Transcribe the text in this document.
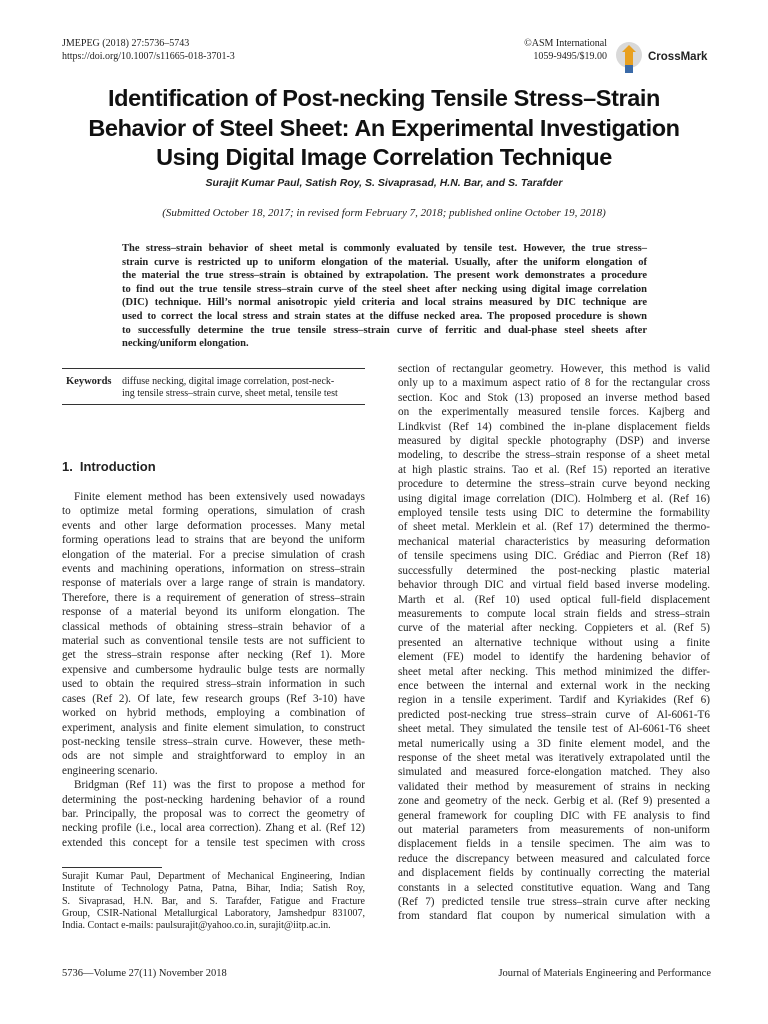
JMEPEG (2018) 27:5736–5743
https://doi.org/10.1007/s11665-018-3701-3
©ASM International
1059-9495/$19.00	CrossMark
Identification of Post-necking Tensile Stress–Strain
Behavior of Steel Sheet: An Experimental Investigation
Using Digital Image Correlation Technique
Surajit Kumar Paul, Satish Roy, S. Sivaprasad, H.N. Bar, and S. Tarafder
(Submitted October 18, 2017; in revised form February 7, 2018; published online October 19, 2018)
The stress–strain behavior of sheet metal is commonly evaluated by tensile test. However, the true stress–
strain curve is restricted up to uniform elongation of the material. Usually, after the uniform elongation of
the material the true stress–strain is obtained by extrapolation. The present work demonstrates a procedure
to find out the true tensile stress–strain curve of the steel sheet after necking using digital image correlation
(DIC) technique. Hill’s normal anisotropic yield criteria and local strains measured by DIC technique are
used to correct the local stress and strain states at the diffuse necked area. The proposed procedure is shown
to successfully determine the true tensile stress–strain curve of ferritic and dual-phase steel sheets after
necking/uniform elongation.
Keywords diffuse necking, digital image correlation, post-neck-
ing tensile stress–strain curve, sheet metal, tensile test
1. Introduction
Finite element method has been extensively used nowadays
to optimize metal forming operations, simulation of crash
events and other large deformation processes. Many metal
forming operations lead to strains that are beyond the uniform
elongation of the material. For a precise simulation of crash
events and machining operations, information on stress–strain
response of materials over a large range of strain is mandatory.
Therefore, there is a requirement of generation of stress–strain
response of a material beyond its uniform elongation. The
classical methods of obtaining stress–strain behavior of a
material such as conventional tensile tests are not sufficient to
get the stress–strain response after necking (Ref 1). More
expensive and cumbersome hydraulic bulge tests are normally
used to obtain the required stress–strain information in such
cases (Ref 2). Of late, few research groups (Ref 3-10) have
worked on hybrid methods, employing a combination of
experiment, analysis and finite element simulation, to construct
post-necking tensile stress–strain curve. However, these meth-
ods are not simple and straightforward to employ in an
engineering scenario.
Bridgman (Ref 11) was the first to propose a method for
determining the post-necking hardening behavior of a round
bar. Principally, the proposal was to correct the geometry of
necking profile (i.e., local area correction). Zhang et al. (Ref 12)
extended this concept for a tensile test specimen with cross
section of rectangular geometry. However, this method is valid
only up to a maximum aspect ratio of 8 for the rectangular cross
section. Koc and Stok (13) proposed an inverse method based
on the experimentally measured tensile forces. Kajberg and
Lindkvist (Ref 14) combined the in-plane displacement fields
measured by digital speckle photography (DSP) and inverse
modeling, to describe the stress–strain response of a sheet metal
at high plastic strains. Tao et al. (Ref 15) reported an iterative
procedure to determine the stress–strain curve beyond necking
using digital image correlation (DIC). Holmberg et al. (Ref 16)
employed tensile tests using DIC to determine the formability
of sheet metal. Merklein et al. (Ref 17) determined the thermo-
mechanical material characteristics by measuring deformation
of tensile specimens using DIC. Grédiac and Pierron (Ref 18)
successfully determined the post-necking plastic material
behavior through DIC and virtual field based inverse modeling.
Marth et al. (Ref 10) used optical full-field displacement
measurements to compute local strain fields and stress–strain
curve of the material after necking. Coppieters et al. (Ref 5)
presented an alternative technique without using a finite
element (FE) model to identify the hardening behavior of
sheet metal after necking. This method minimized the differ-
ence between the internal and external work in the necking
region in a tensile experiment. Tardif and Kyriakides (Ref 6)
predicted post-necking true stress–strain curve of Al-6061-T6
sheet metal. They simulated the tensile test of Al-6061-T6 sheet
metal numerically using a 3D finite element model, and the
response of the sheet metal was iteratively extrapolated until the
simulated and measured force-elongation matched. They also
validated their method by measurement of strains in necking
zone and geometry of the neck. Gerbig et al. (Ref 9) presented a
general framework for coupling DIC with FE analysis to find
out material parameters from measurements of non-uniform
displacement fields in a tensile specimen. The aim was to
reduce the discrepancy between measured and calculated force
and displacement fields by continually correcting the material
constants in a selected constitutive equation. Wang and Tang
(Ref 7) predicted tensile true stress–strain curve after necking
from standard flat coupon by numerical simulation with a
Surajit Kumar Paul, Department of Mechanical Engineering, Indian
Institute of Technology Patna, Patna, Bihar, India; Satish Roy,
S. Sivaprasad, H.N. Bar, and S. Tarafder, Fatigue and Fracture
Group, CSIR-National Metallurgical Laboratory, Jamshedpur 831007,
India. Contact e-mails: paulsurajit@yahoo.co.in, surajit@iitp.ac.in.
5736—Volume 27(11) November 2018	Journal of Materials Engineering and Performance
